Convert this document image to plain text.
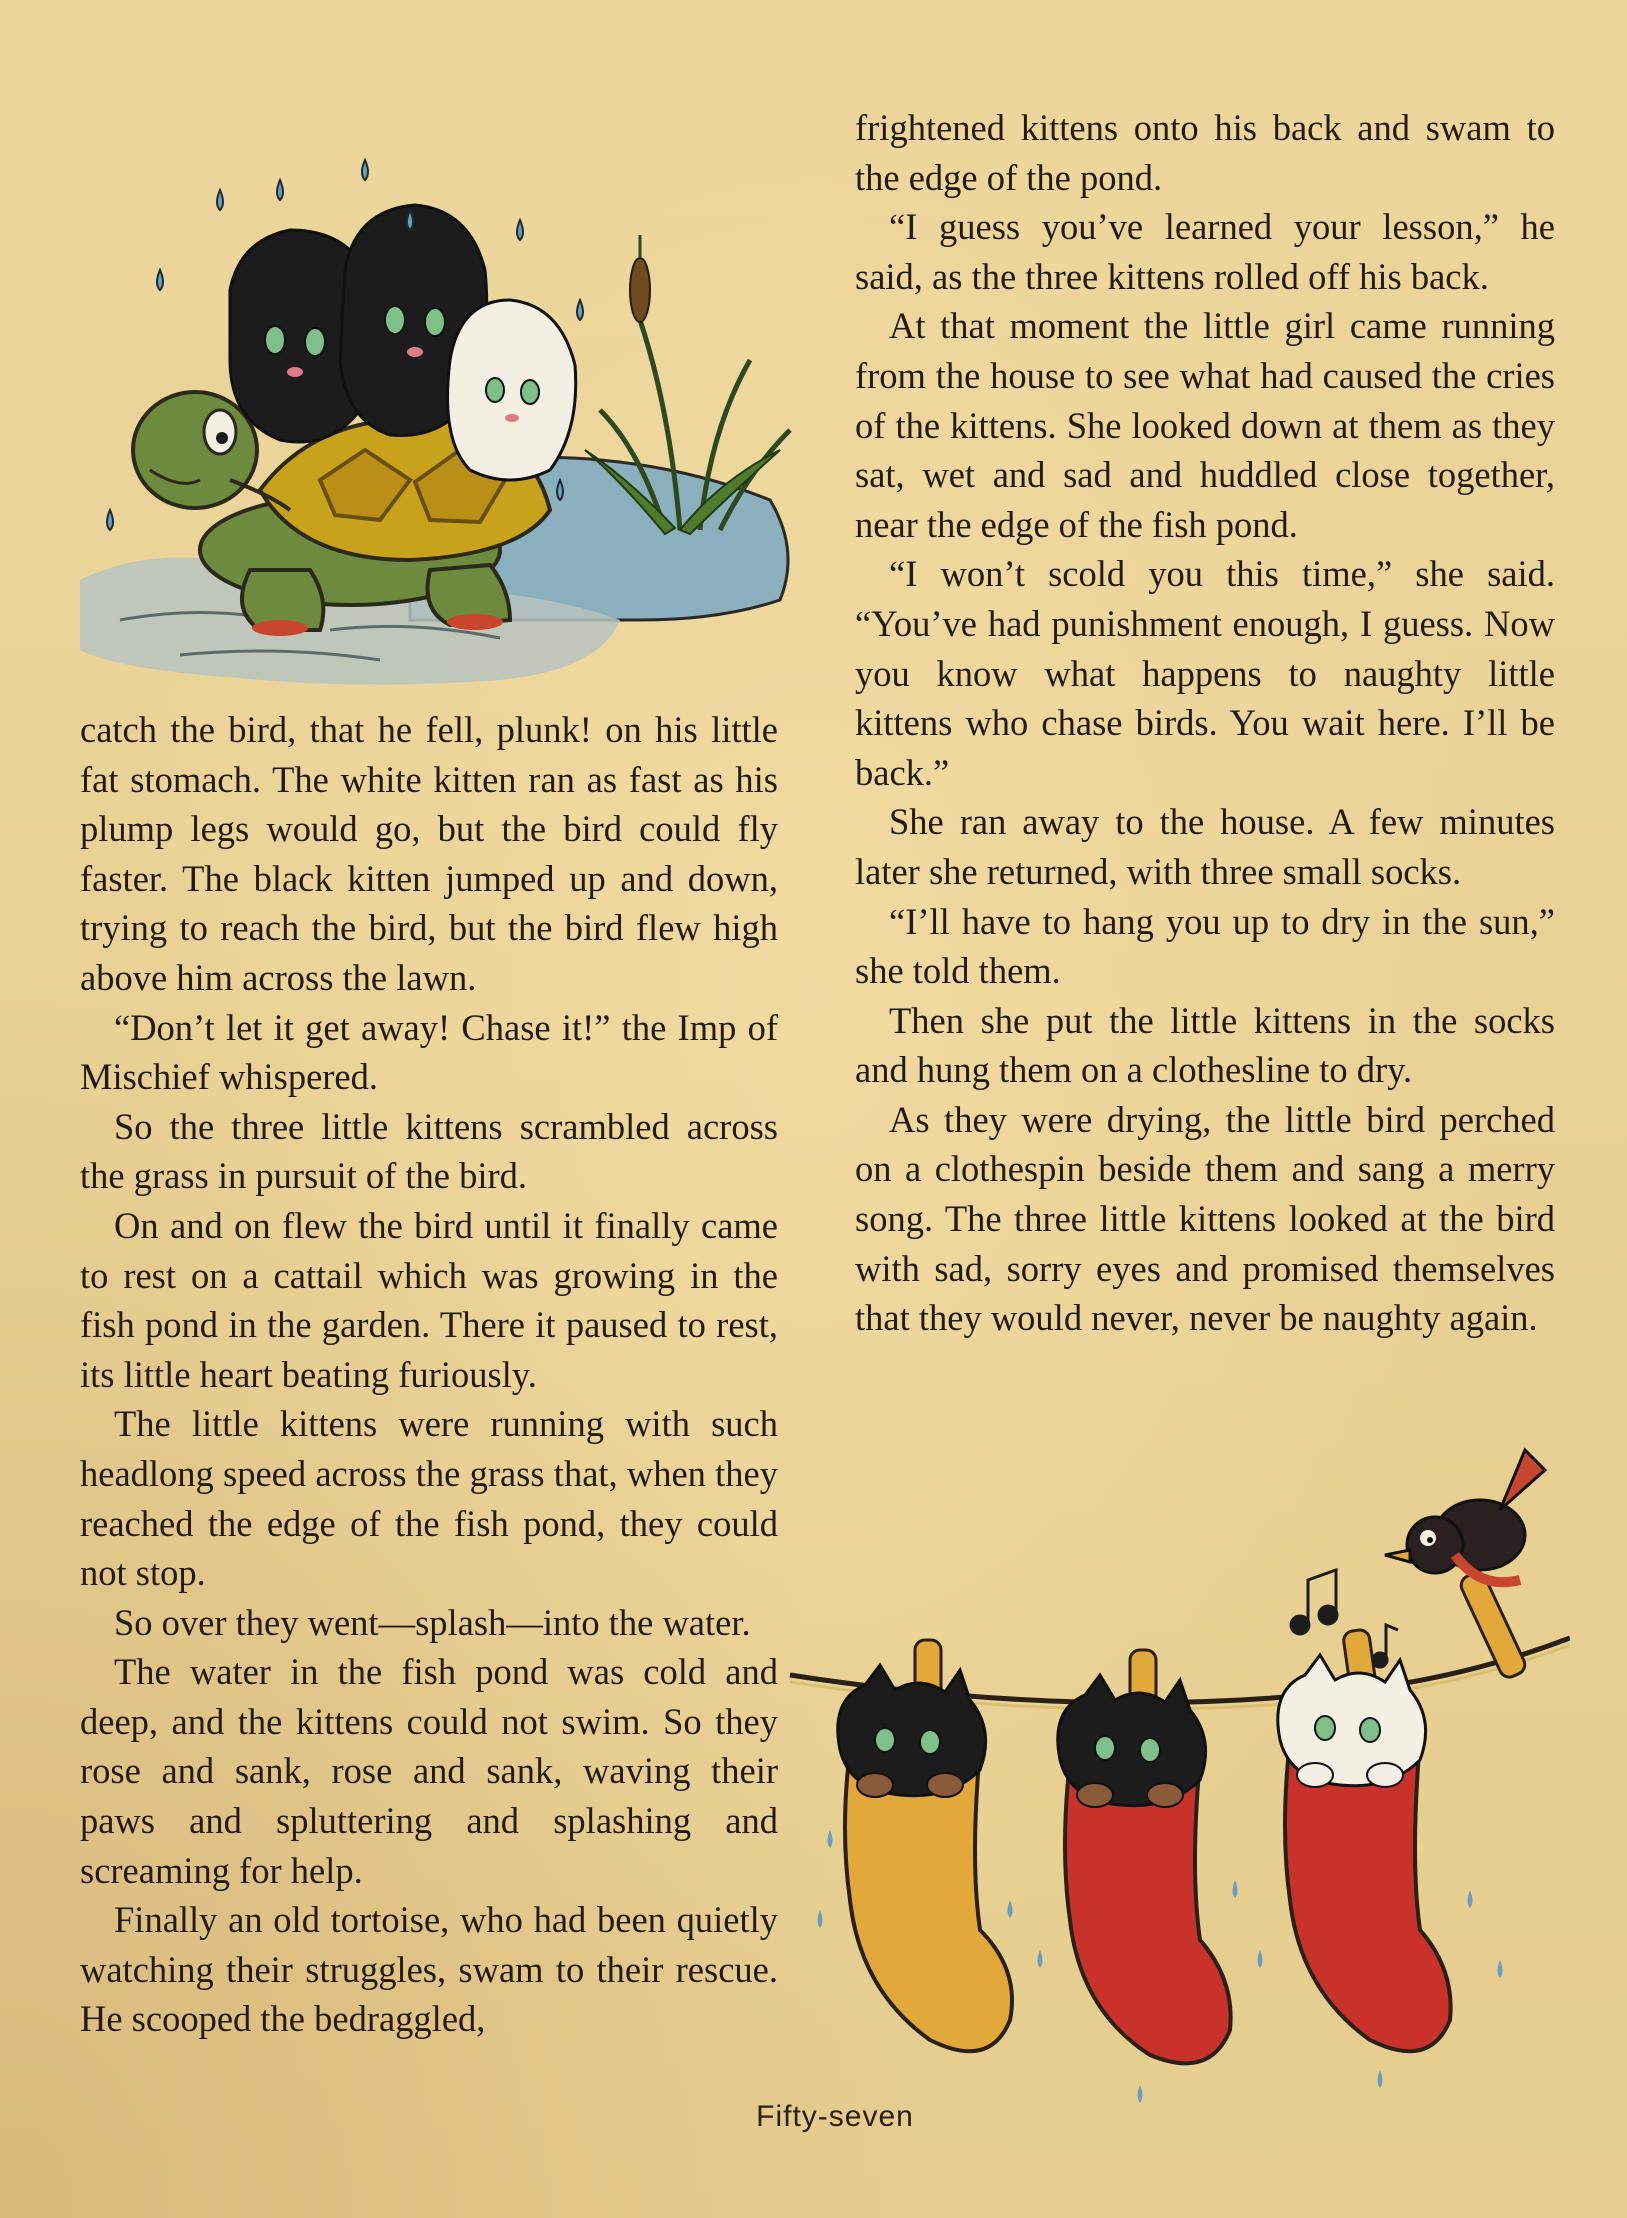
catch the bird, that he fell, plunk! on his little fat stomach. The white kitten ran as fast as his plump legs would go, but the bird could fly faster. The black kitten jumped up and down, trying to reach the bird, but the bird flew high above him across the lawn.

“Don’t let it get away! Chase it!” the Imp of Mischief whispered.

So the three little kittens scrambled across the grass in pursuit of the bird.

On and on flew the bird until it finally came to rest on a cattail which was growing in the fish pond in the garden. There it paused to rest, its little heart beating furiously.

The little kittens were running with such headlong speed across the grass that, when they reached the edge of the fish pond, they could not stop.

So over they went—splash—into the water.

The water in the fish pond was cold and deep, and the kittens could not swim. So they rose and sank, rose and sank, waving their paws and spluttering and splashing and screaming for help.

Finally an old tortoise, who had been quietly watching their struggles, swam to their rescue. He scooped the bedraggled,

frightened kittens onto his back and swam to the edge of the pond.

“I guess you’ve learned your lesson,” he said, as the three kittens rolled off his back.

At that moment the little girl came running from the house to see what had caused the cries of the kittens. She looked down at them as they sat, wet and sad and huddled close together, near the edge of the fish pond.

“I won’t scold you this time,” she said. “You’ve had punishment enough, I guess. Now you know what happens to naughty little kittens who chase birds. You wait here. I’ll be back.”

She ran away to the house. A few minutes later she returned, with three small socks.

“I’ll have to hang you up to dry in the sun,” she told them.

Then she put the little kittens in the socks and hung them on a clothesline to dry.

As they were drying, the little bird perched on a clothespin beside them and sang a merry song. The three little kittens looked at the bird with sad, sorry eyes and promised themselves that they would never, never be naughty again.

Fifty-seven
